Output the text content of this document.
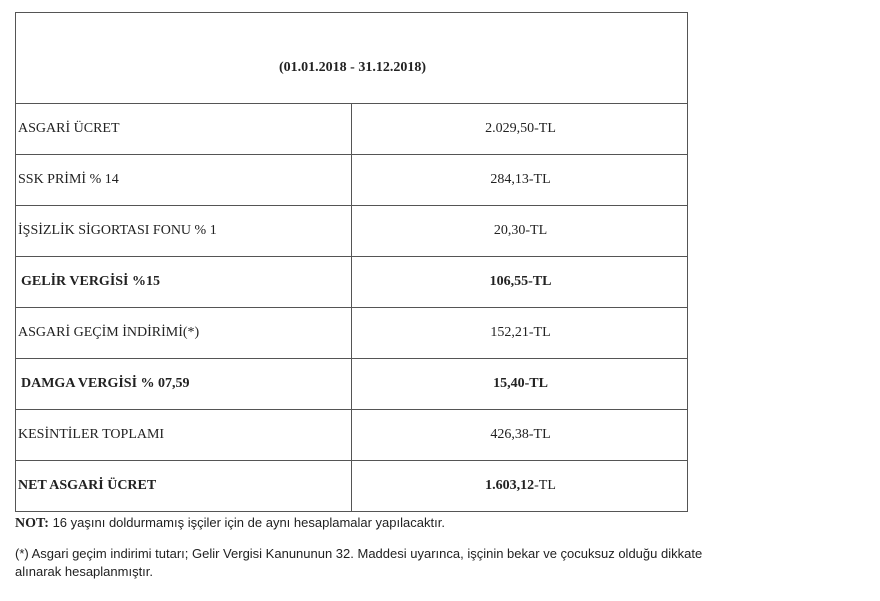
(01.01.2018 - 31.12.2018)	
ASGARİ ÜCRET	2.029,50-TL
SSK PRİMİ % 14	284,13-TL
İŞSİZLİK SİGORTASI FONU % 1	20,30-TL
GELİR VERGİSİ %15	106,55-TL
ASGARİ GEÇİM İNDİRİMİ(*)	152,21-TL
DAMGA VERGİSİ % 07,59	15,40-TL
KESİNTİLER TOPLAMI	426,38-TL
NET ASGARİ ÜCRET	1.603,12-TL

NOT: 16 yaşını doldurmamış işçiler için de aynı hesaplamalar yapılacaktır.

(*) Asgari geçim indirimi tutarı; Gelir Vergisi Kanununun 32. Maddesi uyarınca, işçinin bekar ve çocuksuz olduğu dikkate alınarak hesaplanmıştır.
